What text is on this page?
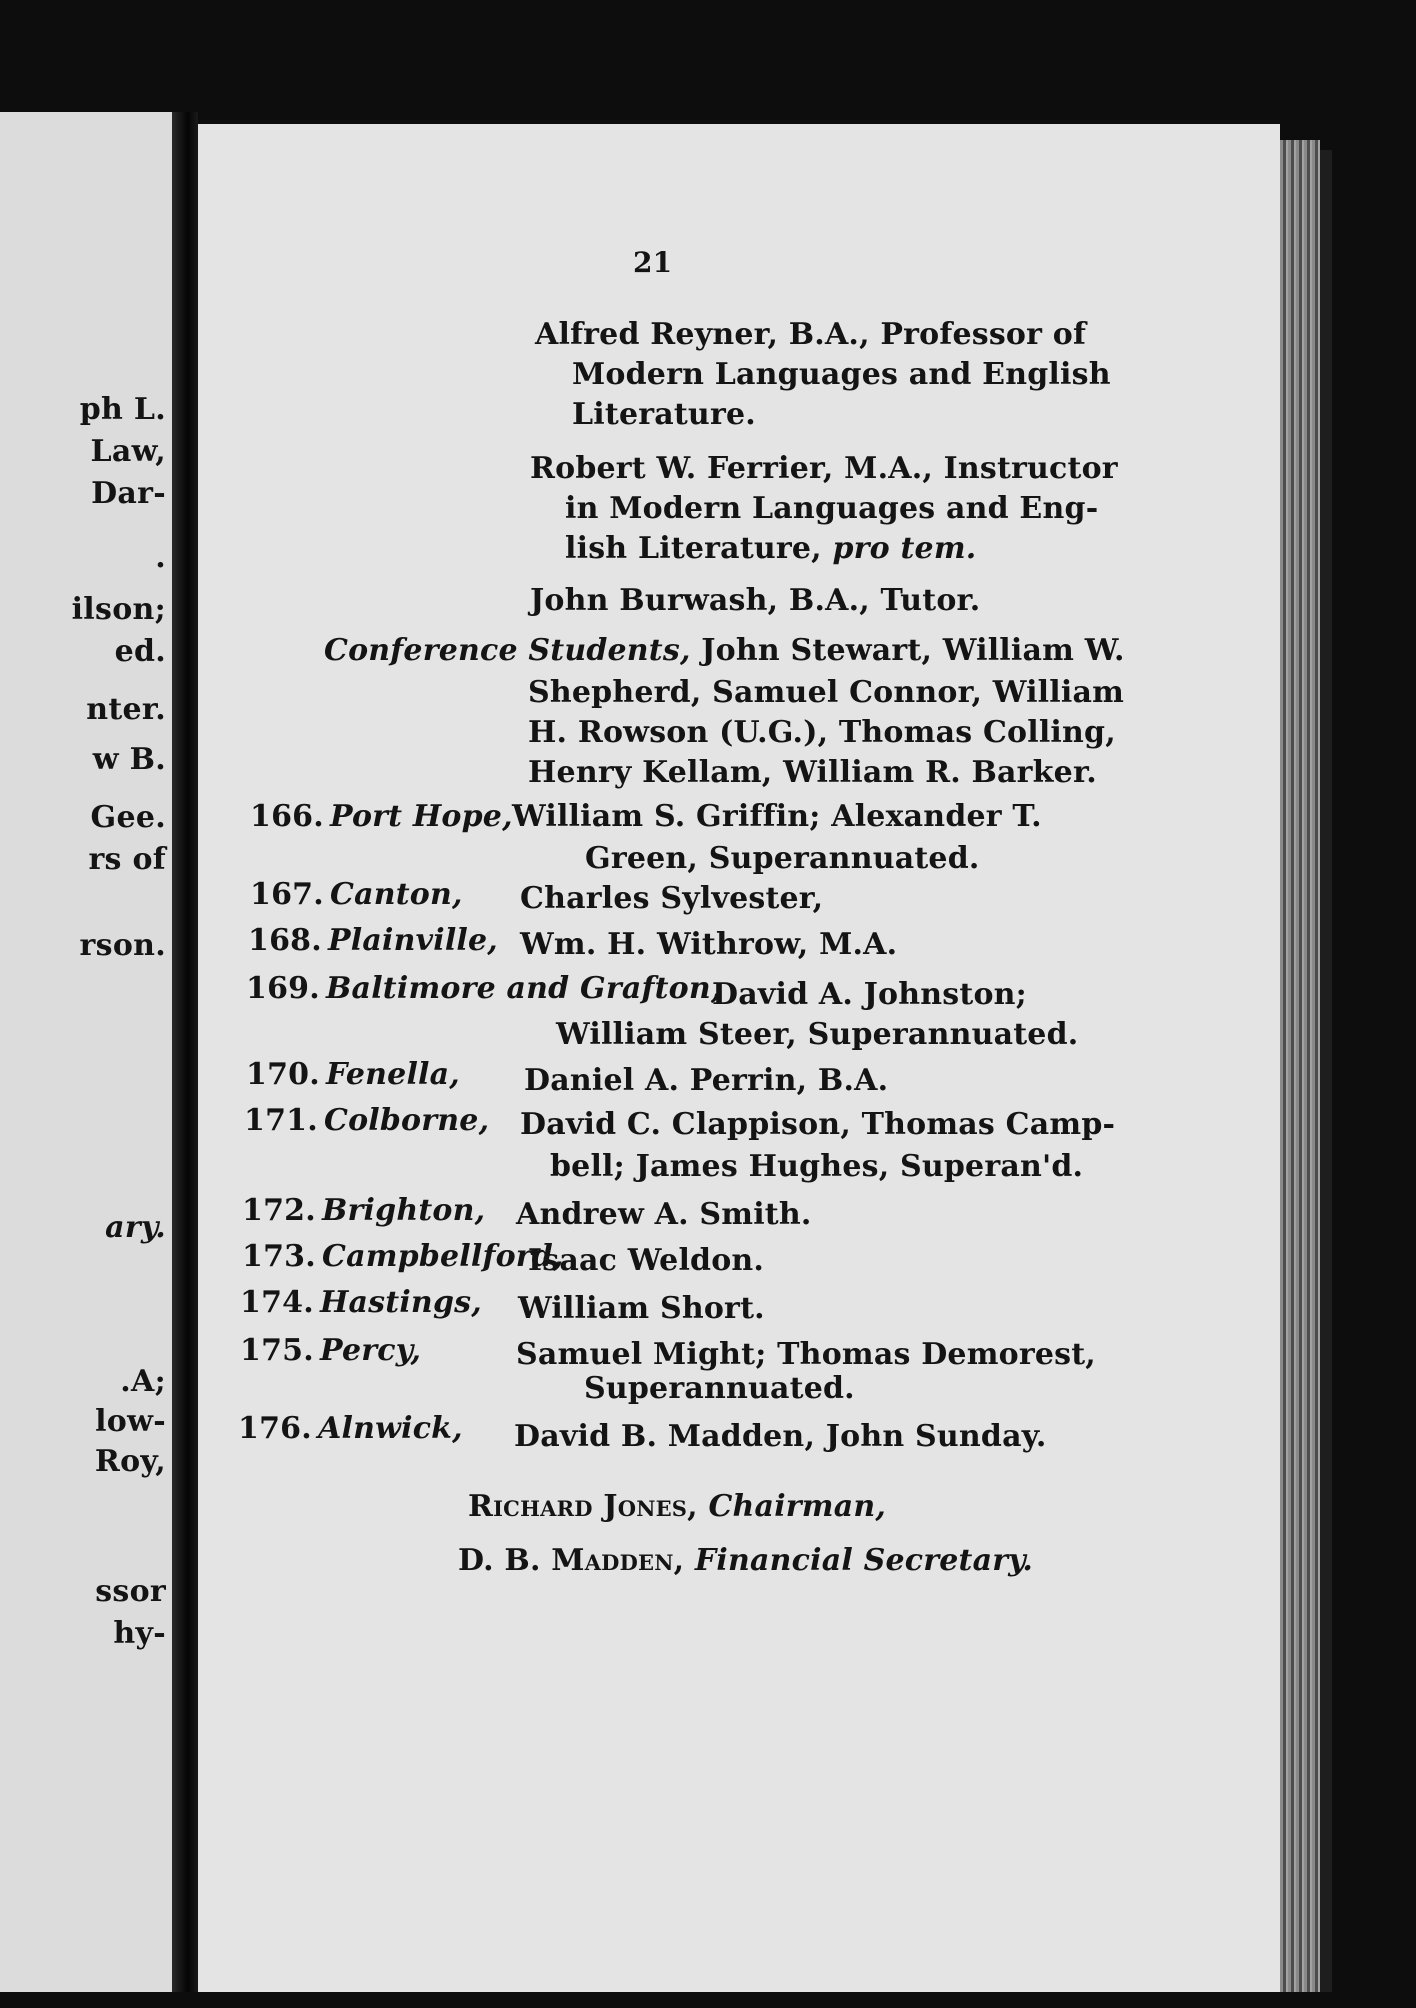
ph L.
Law,
Dar-
.
ilson;
ed.
nter.
w B.
Gee.
rs of
rson.
ary.
.A;
low-
Roy,
ssor
hy-
21
Alfred Reyner, B.A., Professor of
Modern Languages and English
Literature.
Robert W. Ferrier, M.A., Instructor
in Modern Languages and Eng-
lish Literature, pro tem.
John Burwash, B.A., Tutor.
Conference Students, John Stewart, William W.
Shepherd, Samuel Connor, William
H. Rowson (U.G.), Thomas Colling,
Henry Kellam, William R. Barker.
166. Port Hope, William S. Griffin; Alexander T.
Green, Superannuated.
167. Canton, Charles Sylvester,
168. Plainville, Wm. H. Withrow, M.A.
169. Baltimore and Grafton,
David A. Johnston;
William Steer, Superannuated.
170. Fenella, Daniel A. Perrin, B.A.
171. Colborne, David C. Clappison, Thomas Camp-
bell; James Hughes, Superan'd.
172. Brighton, Andrew A. Smith.
173. Campbellford,
Isaac Weldon.
174. Hastings, William Short.
175. Percy,	Samuel Might; Thomas Demorest,
Superannuated.
176. Alnwick, David B. Madden, John Sunday.
Richard Jones, Chairman,
D. B. Madden, Financial Secretary.
